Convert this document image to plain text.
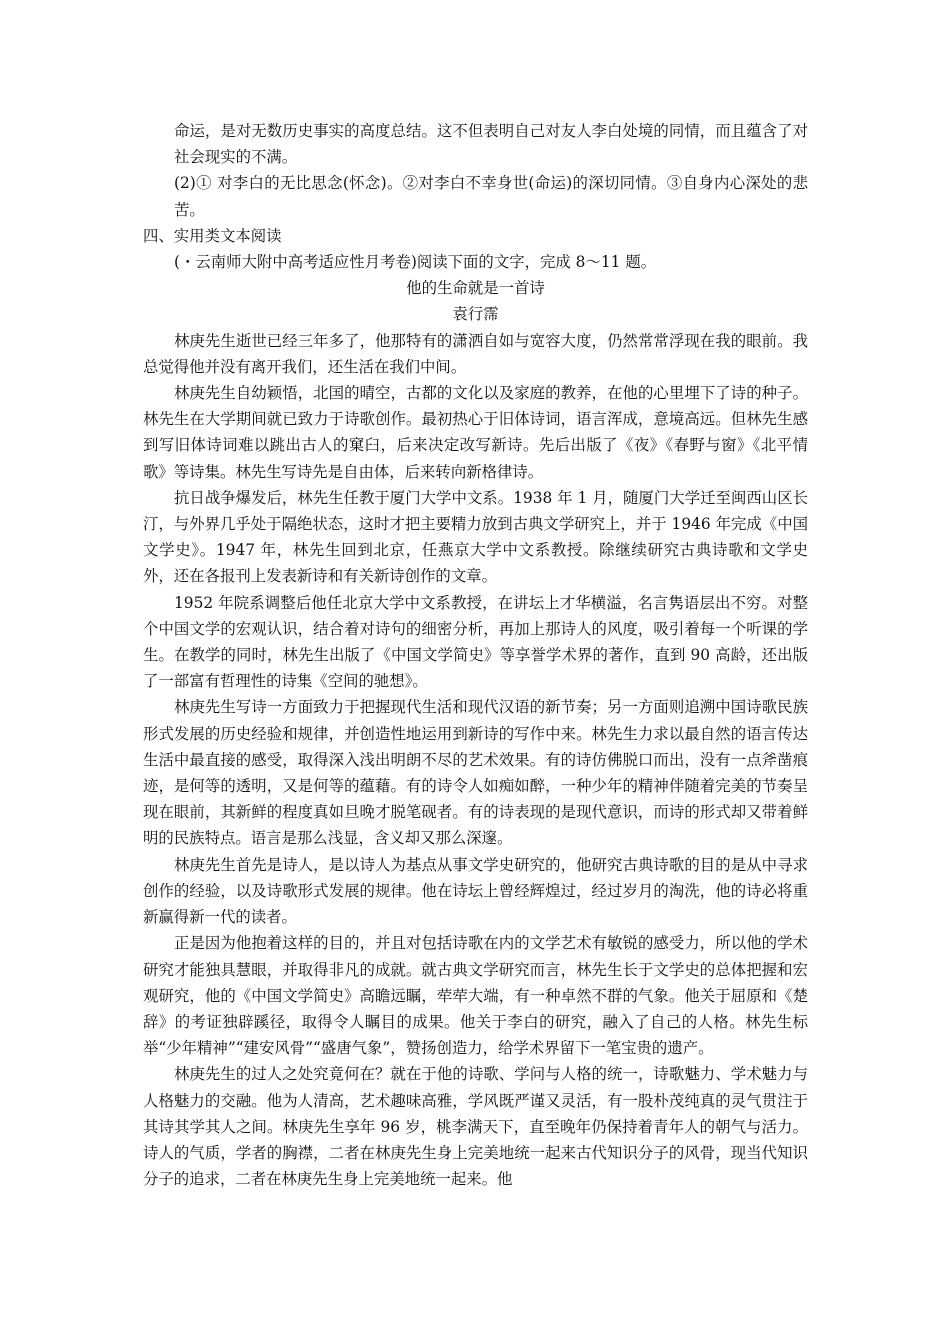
命运，是对无数历史事实的高度总结。这不但表明自己对友人李白处境的同情，而且蕴含了对社会现实的不满。

(2)① 对李白的无比思念(怀念)。②对李白不幸身世(命运)的深切同情。③自身内心深处的悲苦。

四、实用类文本阅读

(・云南师大附中高考适应性月考卷)阅读下面的文字，完成 8～11 题。

他的生命就是一首诗

袁行霈

林庚先生逝世已经三年多了，他那特有的潇洒自如与宽容大度，仍然常常浮现在我的眼前。我总觉得他并没有离开我们，还生活在我们中间。

林庚先生自幼颖悟，北国的晴空，古都的文化以及家庭的教养，在他的心里埋下了诗的种子。林先生在大学期间就已致力于诗歌创作。最初热心于旧体诗词，语言浑成，意境高远。但林先生感到写旧体诗词难以跳出古人的窠臼，后来决定改写新诗。先后出版了《夜》《春野与窗》《北平情歌》等诗集。林先生写诗先是自由体，后来转向新格律诗。

抗日战争爆发后，林先生任教于厦门大学中文系。1938 年 1 月，随厦门大学迁至闽西山区长汀，与外界几乎处于隔绝状态，这时才把主要精力放到古典文学研究上，并于 1946 年完成《中国文学史》。1947 年，林先生回到北京，任燕京大学中文系教授。除继续研究古典诗歌和文学史外，还在各报刊上发表新诗和有关新诗创作的文章。

1952 年院系调整后他任北京大学中文系教授，在讲坛上才华横溢，名言隽语层出不穷。对整个中国文学的宏观认识，结合着对诗句的细密分析，再加上那诗人的风度，吸引着每一个听课的学生。在教学的同时，林先生出版了《中国文学简史》等享誉学术界的著作，直到 90 高龄，还出版了一部富有哲理性的诗集《空间的驰想》。

林庚先生写诗一方面致力于把握现代生活和现代汉语的新节奏；另一方面则追溯中国诗歌民族形式发展的历史经验和规律，并创造性地运用到新诗的写作中来。林先生力求以最自然的语言传达生活中最直接的感受，取得深入浅出明朗不尽的艺术效果。有的诗仿佛脱口而出，没有一点斧凿痕迹，是何等的透明，又是何等的蕴藉。有的诗令人如痴如醉，一种少年的精神伴随着完美的节奏呈现在眼前，其新鲜的程度真如旦晚才脱笔砚者。有的诗表现的是现代意识，而诗的形式却又带着鲜明的民族特点。语言是那么浅显，含义却又那么深邃。

林庚先生首先是诗人，是以诗人为基点从事文学史研究的，他研究古典诗歌的目的是从中寻求创作的经验，以及诗歌形式发展的规律。他在诗坛上曾经辉煌过，经过岁月的淘洗，他的诗必将重新赢得新一代的读者。

正是因为他抱着这样的目的，并且对包括诗歌在内的文学艺术有敏锐的感受力，所以他的学术研究才能独具慧眼，并取得非凡的成就。就古典文学研究而言，林先生长于文学史的总体把握和宏观研究，他的《中国文学简史》高瞻远瞩，荦荦大端，有一种卓然不群的气象。他关于屈原和《楚辞》的考证独辟蹊径，取得令人瞩目的成果。他关于李白的研究，融入了自己的人格。林先生标举“少年精神”“建安风骨”“盛唐气象”，赞扬创造力，给学术界留下一笔宝贵的遗产。

林庚先生的过人之处究竟何在？就在于他的诗歌、学问与人格的统一，诗歌魅力、学术魅力与人格魅力的交融。他为人清高，艺术趣味高雅，学风既严谨又灵活，有一股朴茂纯真的灵气贯注于其诗其学其人之间。林庚先生享年 96 岁，桃李满天下，直至晚年仍保持着青年人的朝气与活力。诗人的气质，学者的胸襟，二者在林庚先生身上完美地统一起来古代知识分子的风骨，现当代知识分子的追求，二者在林庚先生身上完美地统一起来。他
